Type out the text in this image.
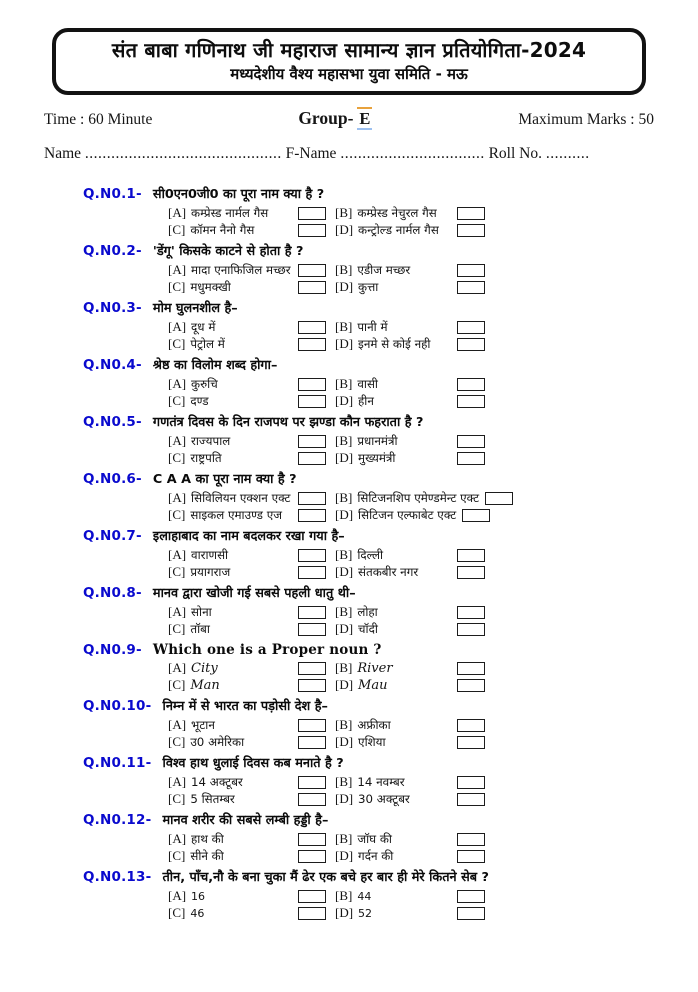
संत बाबा गणिनाथ जी महाराज सामान्य ज्ञान प्रतियोगिता-2024
मध्यदेशीय वैश्य महासभा युवा समिति - मऊ
Time : 60 Minute	Group- E	Maximum Marks : 50
Name ............................................. F-Name ................................. Roll No. ..........
Q.N0.1- सी0एन0जी0 का पूरा नाम क्या है ?
[A] कम्प्रेस्ड नार्मल गैस	[B] कम्प्रेस्ड नेचुरल गैस
[C] कॉमन नैनो गैस	[D] कन्ट्रोल्ड नार्मल गैस
Q.N0.2- 'डेंगू' किसके काटने से होता है ?
[A] मादा एनाफिजिल मच्छर	[B] एडीज मच्छर
[C] मधुमक्खी	[D] कुत्ता
Q.N0.3- मोम घुलनशील है–
[A] दूध में	[B] पानी में
[C] पेट्रोल में	[D] इनमे से कोई नही
Q.N0.4- श्रेष्ठ का विलोम शब्द होगा–
[A] कुरुचि	[B] वासी
[C] दण्ड	[D] हीन
Q.N0.5- गणतंत्र दिवस के दिन राजपथ पर झण्डा कौन फहराता है ?
[A] राज्यपाल	[B] प्रधानमंत्री
[C] राष्ट्रपति	[D] मुख्यमंत्री
Q.N0.6- C A A का पूरा नाम क्या है ?
[A] सिविलियन एक्शन एक्ट	[B] सिटिजनशिप एमेण्डमेन्ट एक्ट
[C] साइकल एमाउण्ड एज	[D] सिटिजन एल्फाबेट एक्ट
Q.N0.7- इलाहाबाद का नाम बदलकर रखा गया है–
[A] वाराणसी	[B] दिल्ली
[C] प्रयागराज	[D] संतकबीर नगर
Q.N0.8- मानव द्वारा खोजी गई सबसे पहली धातु थी–
[A] सोना	[B] लोहा
[C] तॉबा	[D] चॉदी
Q.N0.9- Which one is a Proper noun ?
[A] City	[B] River
[C] Man	[D] Mau
Q.N0.10- निम्न में से भारत का पड़ोसी देश है–
[A] भूटान	[B] अफ्रीका
[C] उ0 अमेरिका	[D] एशिया
Q.N0.11- विश्व हाथ धुलाई दिवस कब मनाते है ?
[A] 14 अक्टूबर	[B] 14 नवम्बर
[C] 5 सितम्बर	[D] 30 अक्टूबर
Q.N0.12- मानव शरीर की सबसे लम्बी हड्डी है–
[A] हाथ की	[B] जॉघ की
[C] सीने की	[D] गर्दन की
Q.N0.13- तीन, पाँच,नौ के बना चुका मैं ढेर एक बचे हर बार ही मेरे कितने सेब ?
[A] 16	[B] 44
[C] 46	[D] 52
